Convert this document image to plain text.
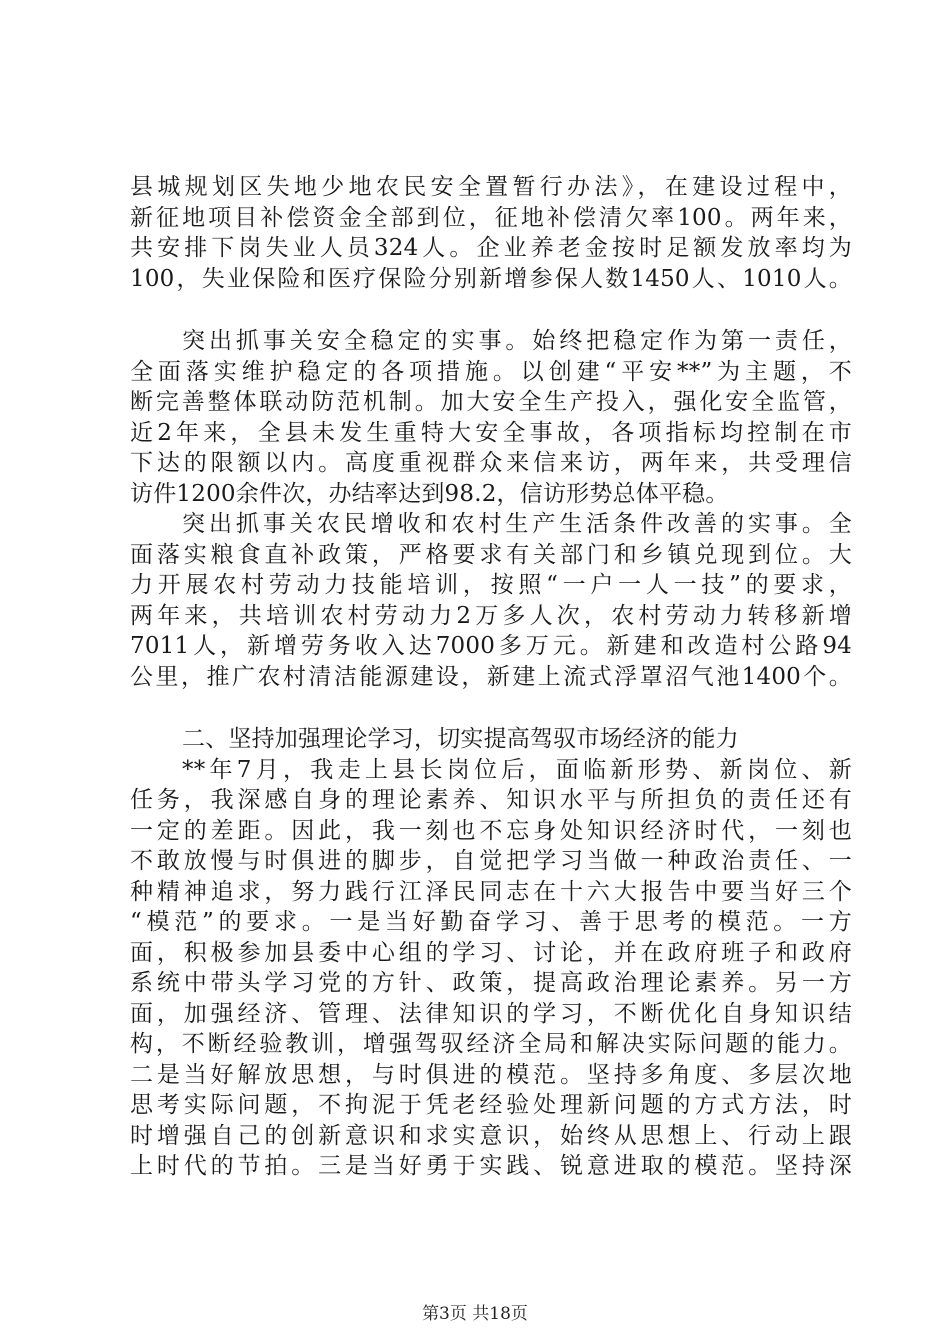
县城规划区失地少地农民安全置暂行办法》，在建设过程中，
新征地项目补偿资金全部到位，征地补偿清欠率100。两年来，
共安排下岗失业人员324人。企业养老金按时足额发放率均为
100，失业保险和医疗保险分别新增参保人数1450人、1010人。
突出抓事关安全稳定的实事。始终把稳定作为第一责任，
全面落实维护稳定的各项措施。以创建“平安**”为主题，不
断完善整体联动防范机制。加大安全生产投入，强化安全监管，
近2年来，全县未发生重特大安全事故，各项指标均控制在市
下达的限额以内。高度重视群众来信来访，两年来，共受理信
访件1200余件次，办结率达到98.2，信访形势总体平稳。
突出抓事关农民增收和农村生产生活条件改善的实事。全
面落实粮食直补政策，严格要求有关部门和乡镇兑现到位。大
力开展农村劳动力技能培训，按照“一户一人一技”的要求，
两年来，共培训农村劳动力2万多人次，农村劳动力转移新增
7011人，新增劳务收入达7000多万元。新建和改造村公路94
公里，推广农村清洁能源建设，新建上流式浮罩沼气池1400个。
二、坚持加强理论学习，切实提高驾驭市场经济的能力
**年7月，我走上县长岗位后，面临新形势、新岗位、新
任务，我深感自身的理论素养、知识水平与所担负的责任还有
一定的差距。因此，我一刻也不忘身处知识经济时代，一刻也
不敢放慢与时俱进的脚步，自觉把学习当做一种政治责任、一
种精神追求，努力践行江泽民同志在十六大报告中要当好三个
“模范”的要求。一是当好勤奋学习、善于思考的模范。一方
面，积极参加县委中心组的学习、讨论，并在政府班子和政府
系统中带头学习党的方针、政策，提高政治理论素养。另一方
面，加强经济、管理、法律知识的学习，不断优化自身知识结
构，不断经验教训，增强驾驭经济全局和解决实际问题的能力。
二是当好解放思想，与时俱进的模范。坚持多角度、多层次地
思考实际问题，不拘泥于凭老经验处理新问题的方式方法，时
时增强自己的创新意识和求实意识，始终从思想上、行动上跟
上时代的节拍。三是当好勇于实践、锐意进取的模范。坚持深
第3页 共18页
